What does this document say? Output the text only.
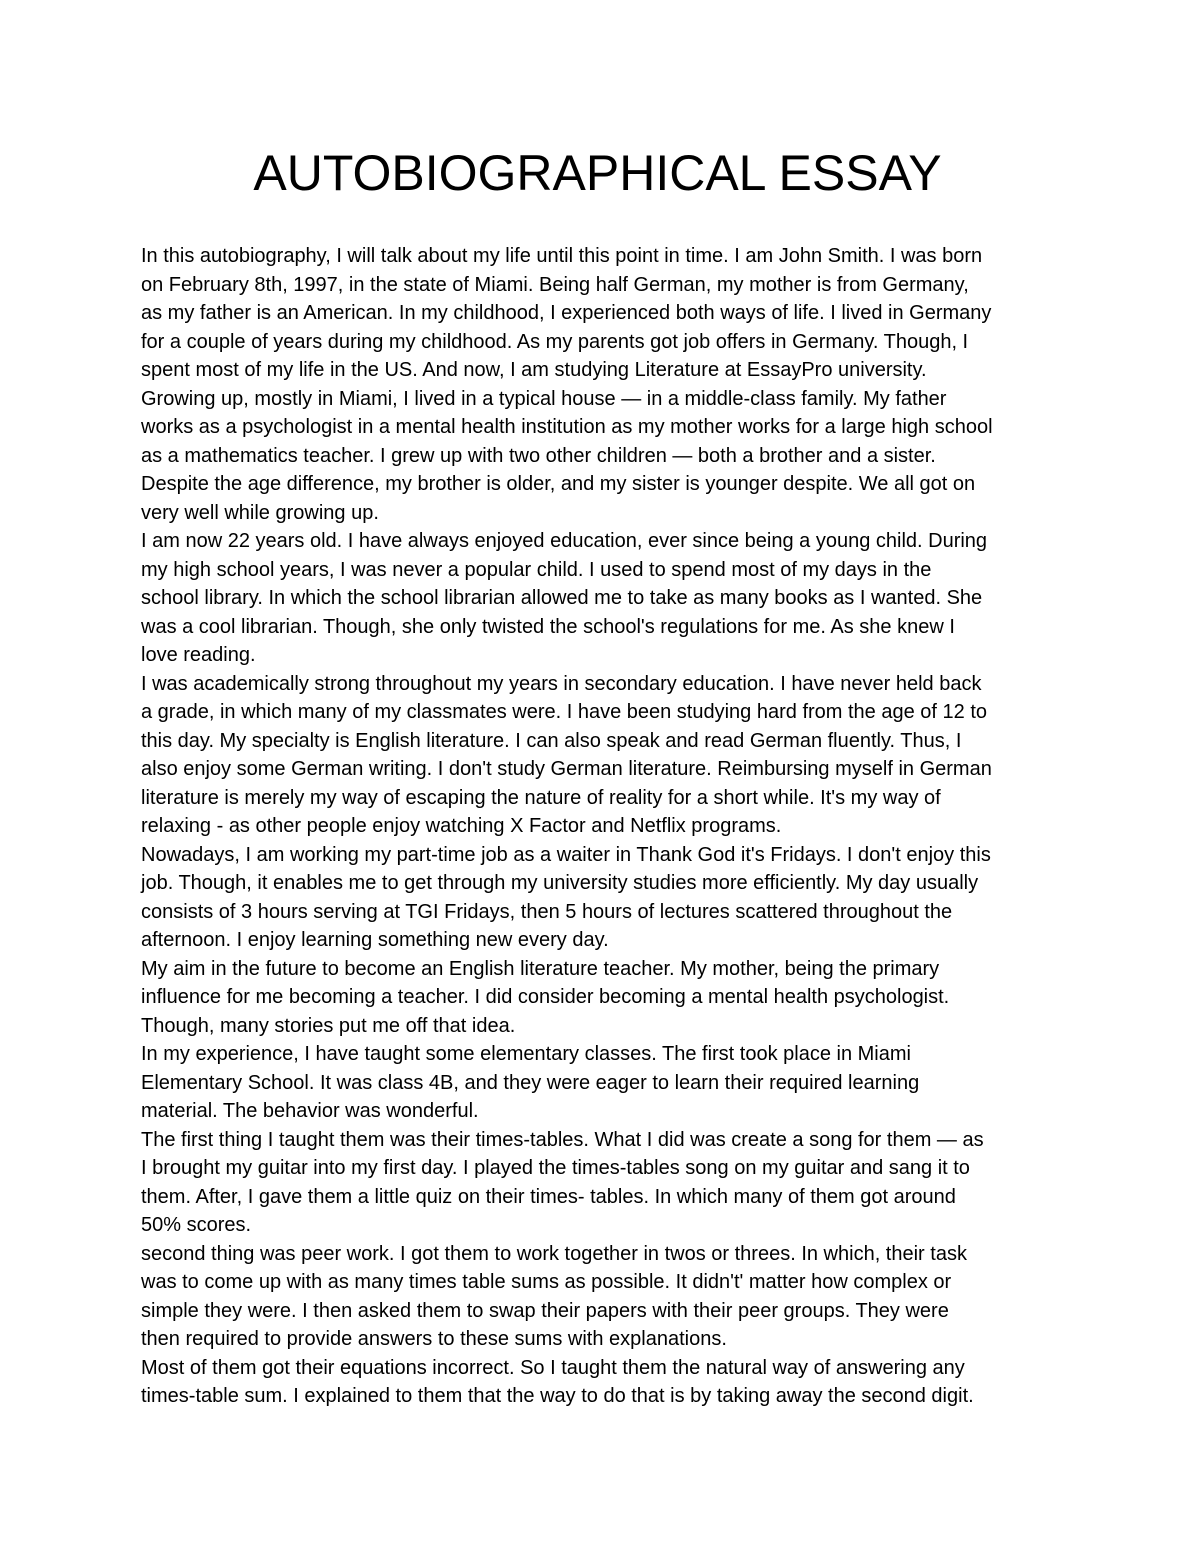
AUTOBIOGRAPHICAL ESSAY

In this autobiography, I will talk about my life until this point in time. I am John Smith. I was born
on February 8th, 1997, in the state of Miami. Being half German, my mother is from Germany,
as my father is an American. In my childhood, I experienced both ways of life. I lived in Germany
for a couple of years during my childhood. As my parents got job offers in Germany. Though, I
spent most of my life in the US. And now, I am studying Literature at EssayPro university.
Growing up, mostly in Miami, I lived in a typical house — in a middle-class family. My father
works as a psychologist in a mental health institution as my mother works for a large high school
as a mathematics teacher. I grew up with two other children — both a brother and a sister.
Despite the age difference, my brother is older, and my sister is younger despite. We all got on
very well while growing up.

I am now 22 years old. I have always enjoyed education, ever since being a young child. During
my high school years, I was never a popular child. I used to spend most of my days in the
school library. In which the school librarian allowed me to take as many books as I wanted. She
was a cool librarian. Though, she only twisted the school's regulations for me. As she knew I
love reading.

I was academically strong throughout my years in secondary education. I have never held back
a grade, in which many of my classmates were. I have been studying hard from the age of 12 to
this day. My specialty is English literature. I can also speak and read German fluently. Thus, I
also enjoy some German writing. I don't study German literature. Reimbursing myself in German
literature is merely my way of escaping the nature of reality for a short while. It's my way of
relaxing - as other people enjoy watching X Factor and Netflix programs.

Nowadays, I am working my part-time job as a waiter in Thank God it's Fridays. I don't enjoy this
job. Though, it enables me to get through my university studies more efficiently. My day usually
consists of 3 hours serving at TGI Fridays, then 5 hours of lectures scattered throughout the
afternoon. I enjoy learning something new every day.

My aim in the future to become an English literature teacher. My mother, being the primary
influence for me becoming a teacher. I did consider becoming a mental health psychologist.
Though, many stories put me off that idea.

In my experience, I have taught some elementary classes. The first took place in Miami
Elementary School. It was class 4B, and they were eager to learn their required learning
material. The behavior was wonderful.

The first thing I taught them was their times-tables. What I did was create a song for them — as
I brought my guitar into my first day. I played the times-tables song on my guitar and sang it to
them. After, I gave them a little quiz on their times- tables. In which many of them got around
50% scores.

second thing was peer work. I got them to work together in twos or threes. In which, their task
was to come up with as many times table sums as possible. It didn't' matter how complex or
simple they were. I then asked them to swap their papers with their peer groups. They were
then required to provide answers to these sums with explanations.

Most of them got their equations incorrect. So I taught them the natural way of answering any
times-table sum. I explained to them that the way to do that is by taking away the second digit.
